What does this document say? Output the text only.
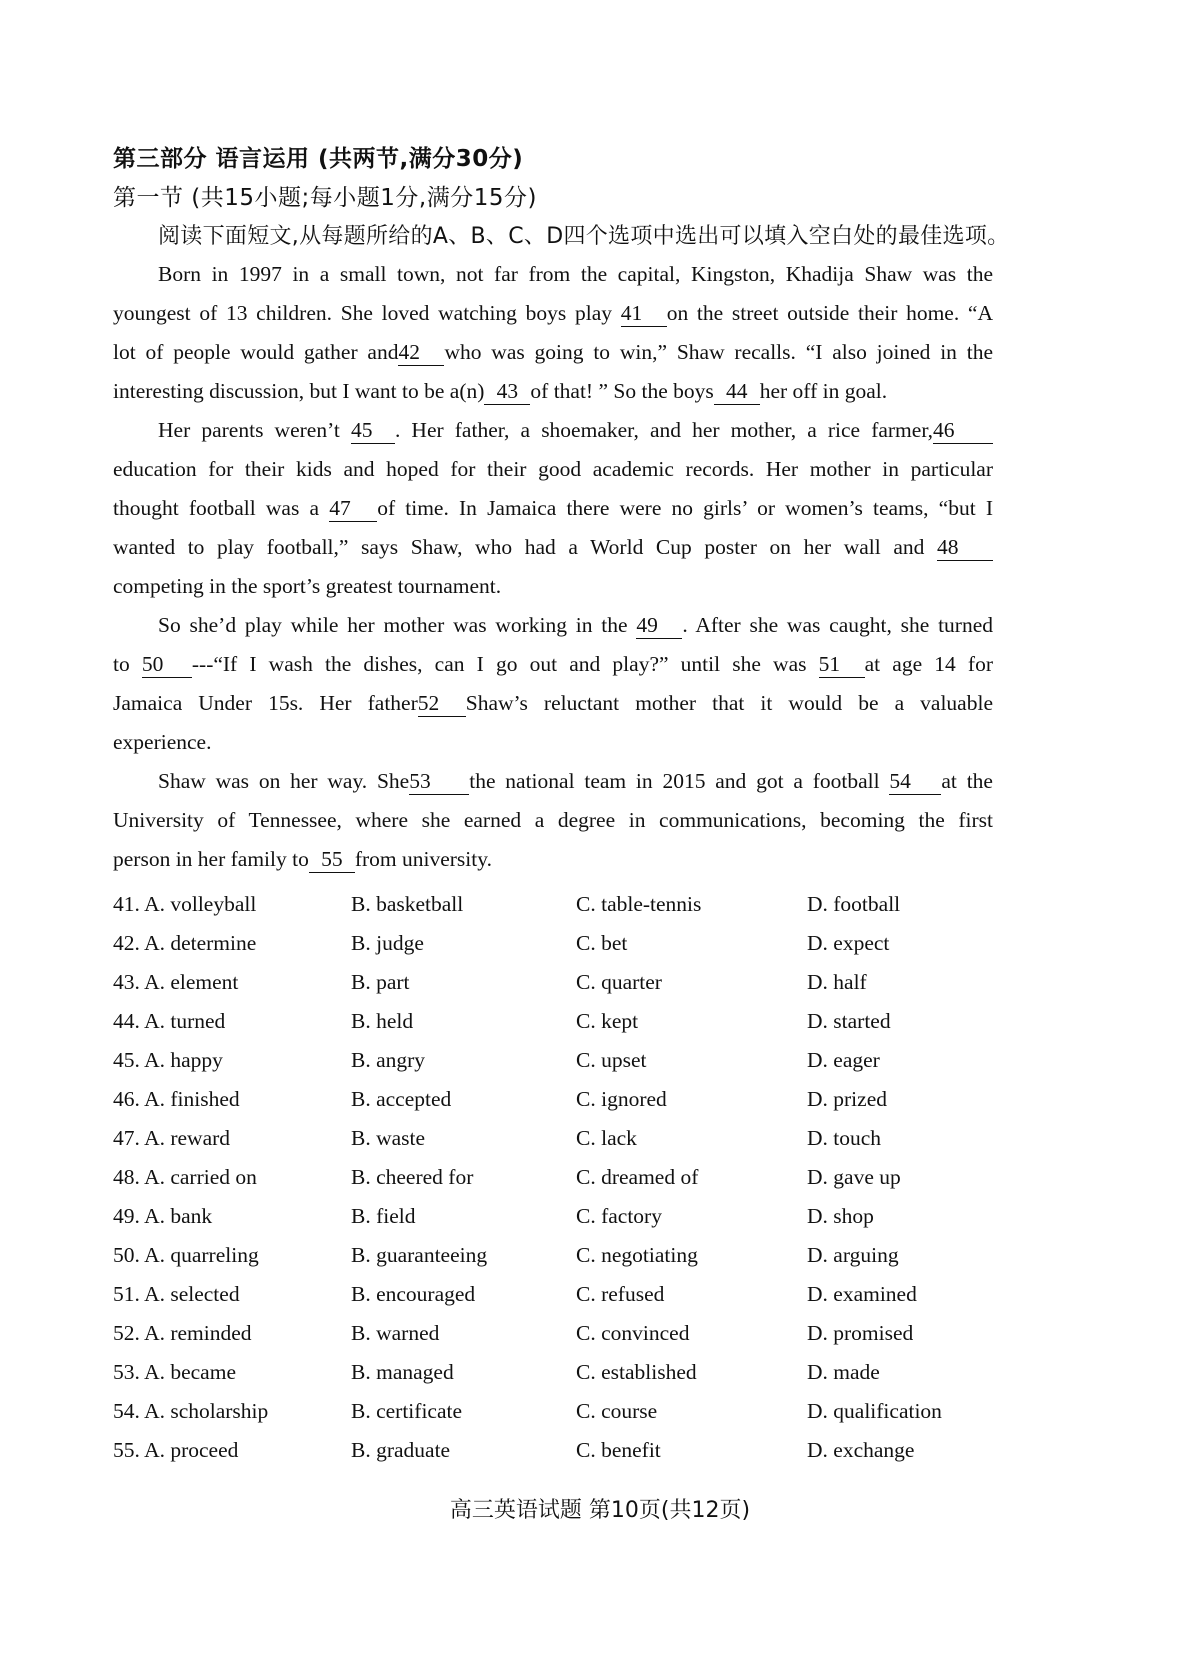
第三部分 语言运用 (共两节,满分30分)
第一节 (共15小题;每小题1分,满分15分)
阅读下面短文,从每题所给的A、B、C、D四个选项中选出可以填入空白处的最佳选项。
Born in 1997 in a small town, not far from the capital, Kingston, Khadija Shaw was the
youngest of 13 children. She loved watching boys play 41 on the street outside their home. “A
lot of people would gather and42 who was going to win,” Shaw recalls. “I also joined in the
interesting discussion, but I want to be a(n) 43 of that! ” So the boys 44 her off in goal.
Her parents weren’t 45 . Her father, a shoemaker, and her mother, a rice farmer,46
education for their kids and hoped for their good academic records. Her mother in particular
thought football was a 47 of time. In Jamaica there were no girls’ or women’s teams, “but I
wanted to play football,” says Shaw, who had a World Cup poster on her wall and 48
competing in the sport’s greatest tournament.
So she’d play while her mother was working in the 49 . After she was caught, she turned
to 50 ---“If I wash the dishes, can I go out and play?” until she was 51 at age 14 for
Jamaica Under 15s. Her father52 Shaw’s reluctant mother that it would be a valuable
experience.
Shaw was on her way. She53 the national team in 2015 and got a football 54 at the
University of Tennessee, where she earned a degree in communications, becoming the first
person in her family to 55 from university.
41. A. volleyball	B. basketball	C. table-tennis	D. football
42. A. determine	B. judge	C. bet	D. expect
43. A. element	B. part	C. quarter	D. half
44. A. turned	B. held	C. kept	D. started
45. A. happy	B. angry	C. upset	D. eager
46. A. finished	B. accepted	C. ignored	D. prized
47. A. reward	B. waste	C. lack	D. touch
48. A. carried on	B. cheered for	C. dreamed of	D. gave up
49. A. bank	B. field	C. factory	D. shop
50. A. quarreling	B. guaranteeing	C. negotiating	D. arguing
51. A. selected	B. encouraged	C. refused	D. examined
52. A. reminded	B. warned	C. convinced	D. promised
53. A. became	B. managed	C. established	D. made
54. A. scholarship	B. certificate	C. course	D. qualification
55. A. proceed	B. graduate	C. benefit	D. exchange
高三英语试题 第10页(共12页)
